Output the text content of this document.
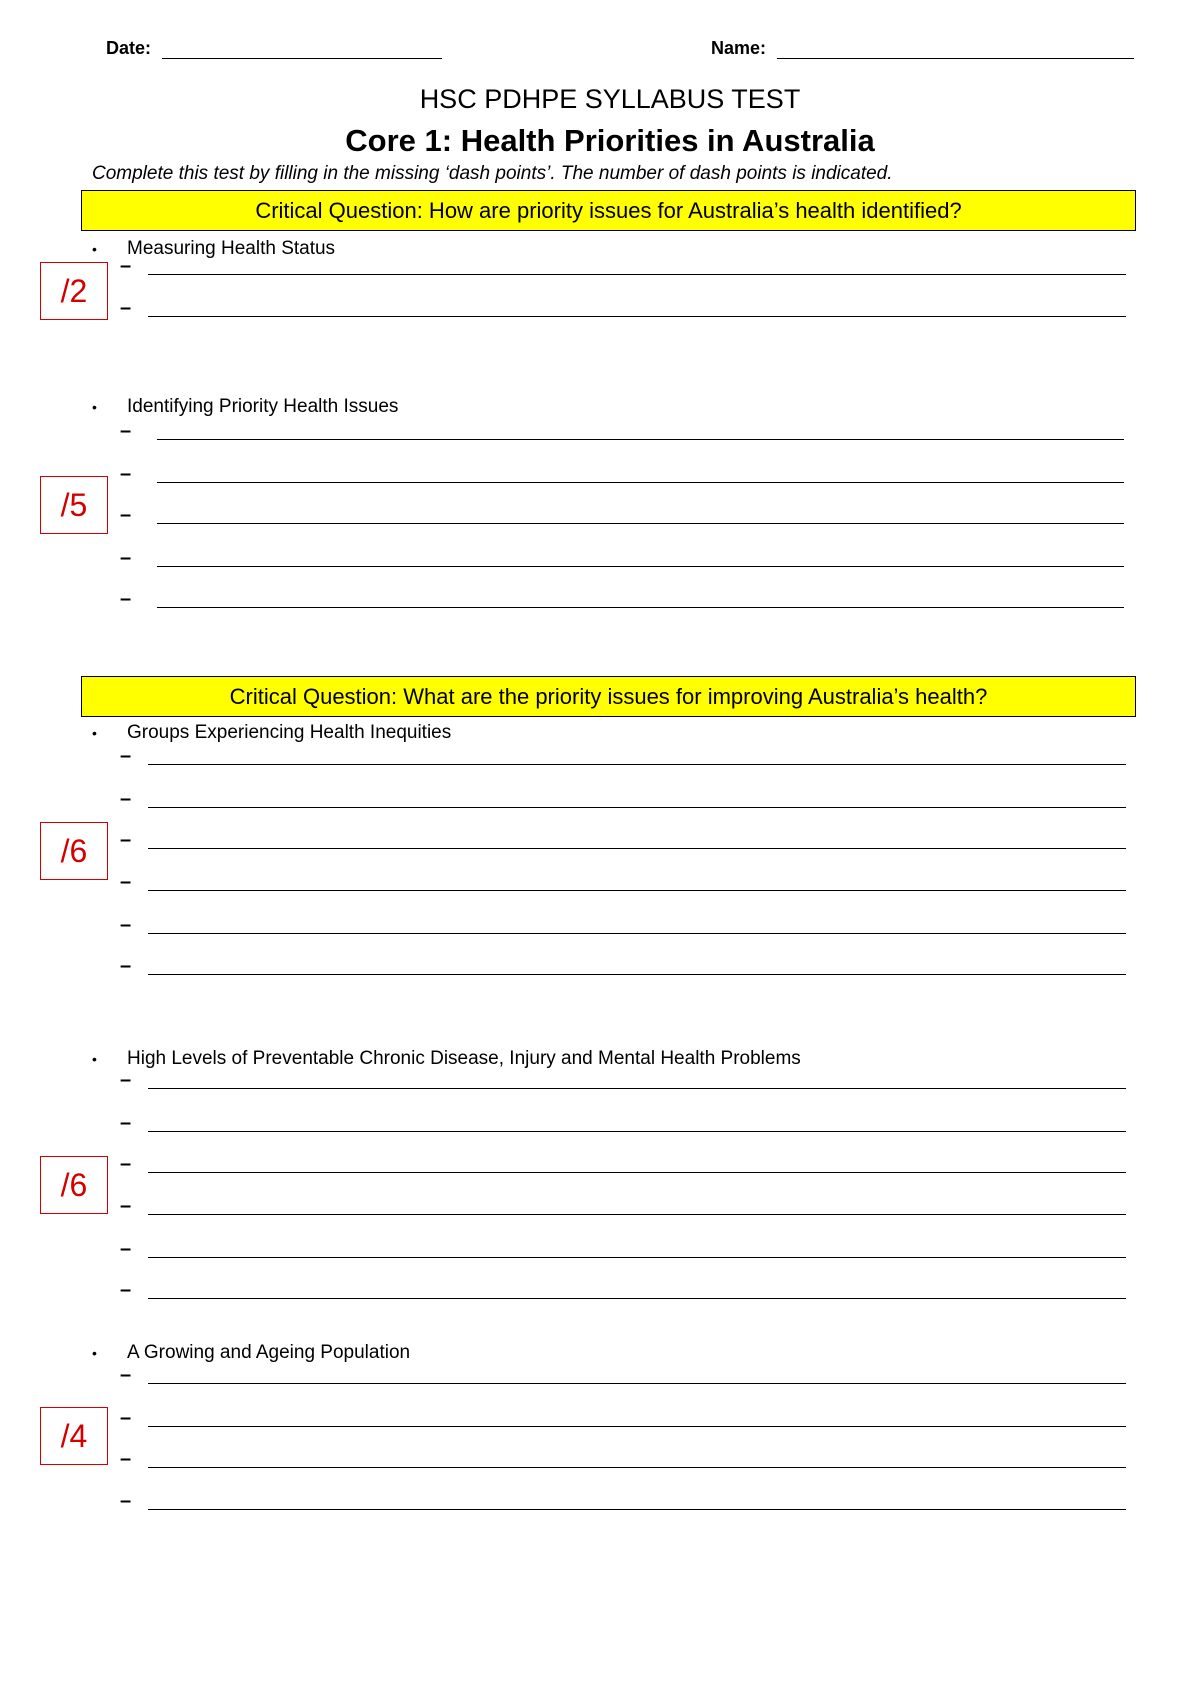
Date:	Name:
HSC PDHPE SYLLABUS TEST
Core 1: Health Priorities in Australia
Complete this test by filling in the missing ‘dash points’. The number of dash points is indicated.
Critical Question: How are priority issues for Australia’s health identified?
Critical Question: What are the priority issues for improving Australia’s health?
• Measuring Health Status
–
–
/2
• Identifying Priority Health Issues
–
–
–
–
–
/5
• Groups Experiencing Health Inequities
–
–
–
–
–
–
/6
• High Levels of Preventable Chronic Disease, Injury and Mental Health Problems
–
–
–
–
–
–
/6
• A Growing and Ageing Population
–
–
–
–
/4
